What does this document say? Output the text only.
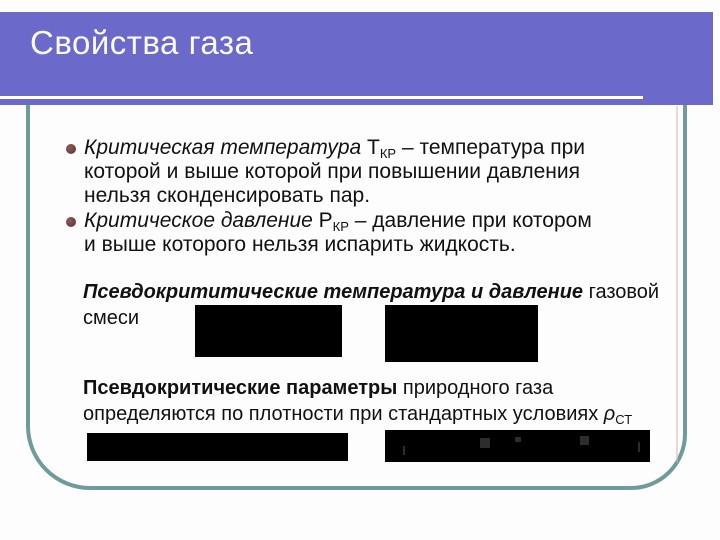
Свойства газа
Критическая температура $Т_{КР}$ – температура при
которой и выше которой при повышении давления
нельзя сконденсировать пар.
Критическое давление $Р_{КР}$ – давление при котором
и выше которого нельзя испарить жидкость.
Псевдокрититические температура и давление газовой
смеси
Псевдокритические параметры природного газа
определяются по плотности при стандартных условиях $\rho_{СТ}$
